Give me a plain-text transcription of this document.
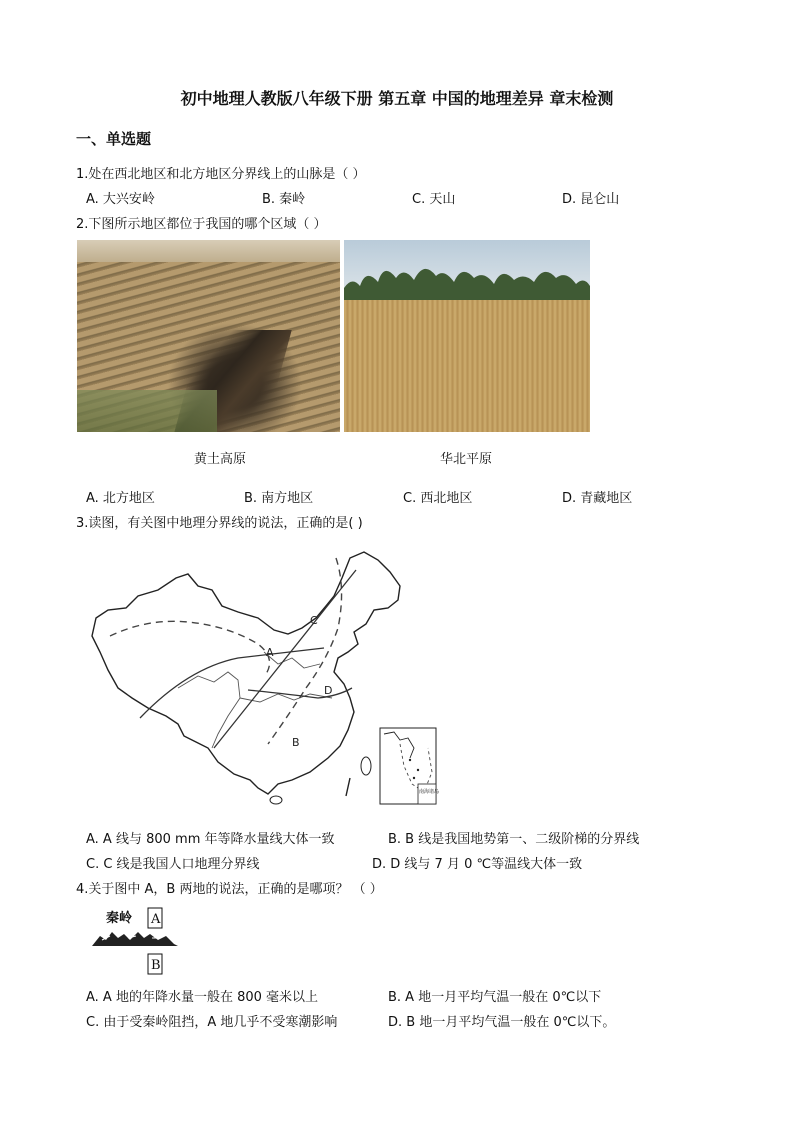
初中地理人教版八年级下册 第五章 中国的地理差异 章末检测
一、单选题
1.处在西北地区和北方地区分界线上的山脉是（ ）
A. 大兴安岭	B. 秦岭	C. 天山	D. 昆仑山
2.下图所示地区都位于我国的哪个区域（ ）
黄土高原	华北平原
A. 北方地区	B. 南方地区	C. 西北地区	D. 青藏地区
3.读图，有关图中地理分界线的说法，正确的是( )
A
B
C
D
南海诸岛
A. A 线与 800 mm 年等降水量线大体一致	B. B 线是我国地势第一、二级阶梯的分界线
C. C 线是我国人口地理分界线	D. D 线与 7 月 0 ℃等温线大体一致
4.关于图中 A，B 两地的说法，正确的是哪项？ （ ）
秦岭 A
B
A. A 地的年降水量一般在 800 毫米以上	B. A 地一月平均气温一般在 0℃以下
C. 由于受秦岭阻挡，A 地几乎不受寒潮影响	D. B 地一月平均气温一般在 0℃以下。
